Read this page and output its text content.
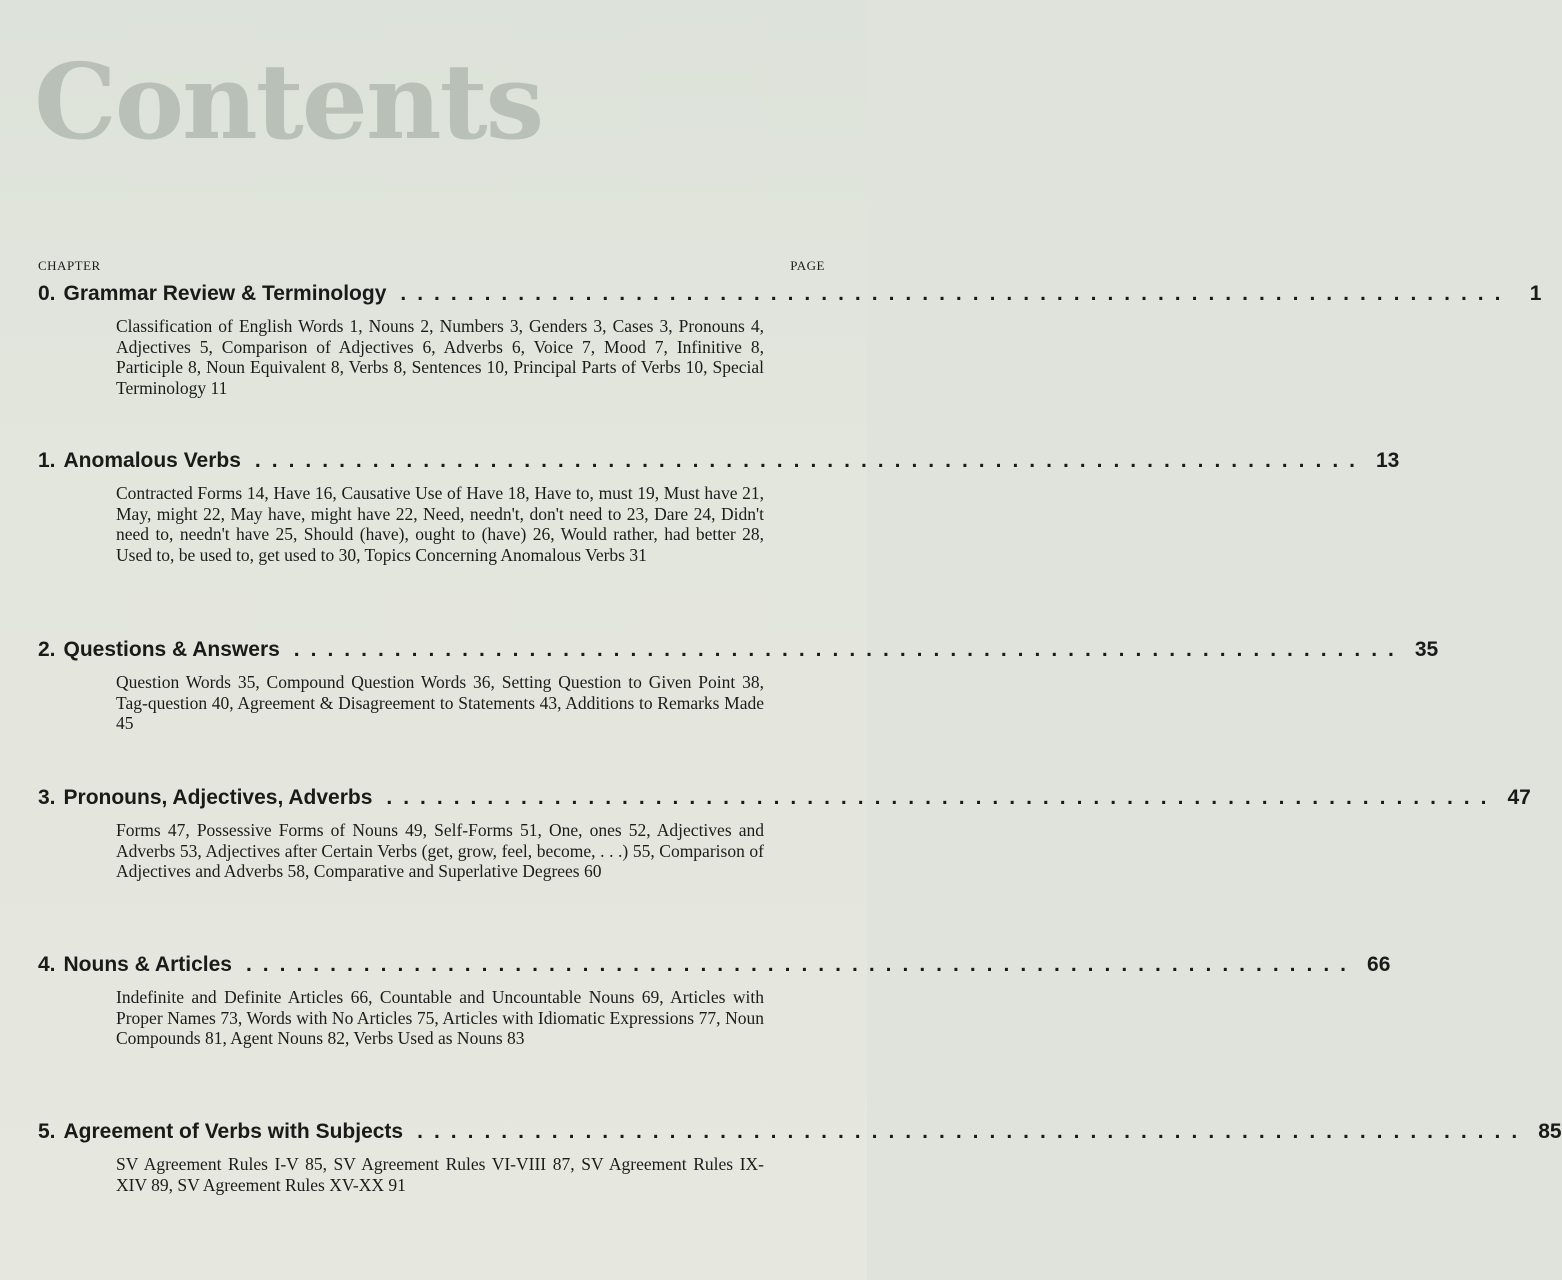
Contents
CHAPTER	PAGE
0. Grammar Review & Terminology .................................................................. 1
Classification of English Words 1, Nouns 2, Numbers 3, Genders 3, Cases 3, Pronouns 4, Adjectives 5, Comparison of Adjectives 6, Adverbs 6, Voice 7, Mood 7, Infinitive 8, Participle 8, Noun Equivalent 8, Verbs 8, Sentences 10, Principal Parts of Verbs 10, Special Terminology 11
1. Anomalous Verbs .................................................................. 13
Contracted Forms 14, Have 16, Causative Use of Have 18, Have to, must 19, Must have 21, May, might 22, May have, might have 22, Need, needn't, don't need to 23, Dare 24, Didn't need to, needn't have 25, Should (have), ought to (have) 26, Would rather, had better 28, Used to, be used to, get used to 30, Topics Concerning Anomalous Verbs 31
2. Questions & Answers .................................................................. 35
Question Words 35, Compound Question Words 36, Setting Question to Given Point 38, Tag-question 40, Agreement & Disagreement to Statements 43, Additions to Remarks Made 45
3. Pronouns, Adjectives, Adverbs .................................................................. 47
Forms 47, Possessive Forms of Nouns 49, Self-Forms 51, One, ones 52, Adjectives and Adverbs 53, Adjectives after Certain Verbs (get, grow, feel, become, . . .) 55, Comparison of Adjectives and Adverbs 58, Comparative and Superlative Degrees 60
4. Nouns & Articles .................................................................. 66
Indefinite and Definite Articles 66, Countable and Uncountable Nouns 69, Articles with Proper Names 73, Words with No Articles 75, Articles with Idiomatic Expressions 77, Noun Compounds 81, Agent Nouns 82, Verbs Used as Nouns 83
5. Agreement of Verbs with Subjects .................................................................. 85
SV Agreement Rules I-V 85, SV Agreement Rules VI-VIII 87, SV Agreement Rules IX-XIV 89, SV Agreement Rules XV-XX 91
